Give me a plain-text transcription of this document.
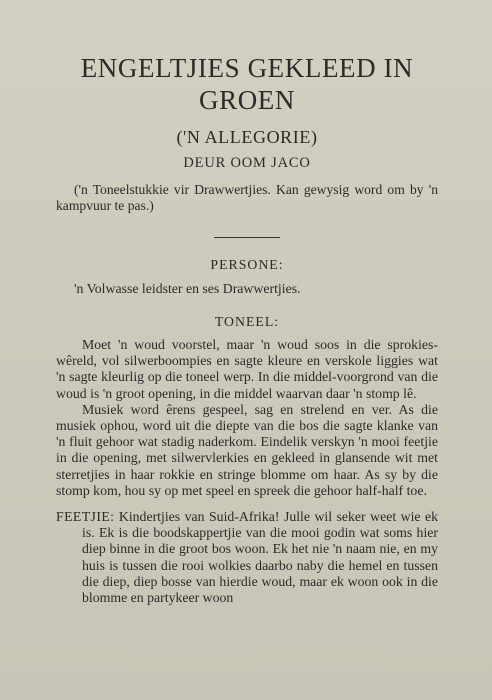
ENGELTJIES GEKLEED IN GROEN
('N ALLEGORIE)
DEUR OOM JACO

('n Toneelstukkie vir Drawwertjies. Kan gewysig word om by 'n kampvuur te pas.)

PERSONE:

'n Volwasse leidster en ses Drawwertjies.

TONEEL:

Moet 'n woud voorstel, maar 'n woud soos in die sprokies-wêreld, vol silwerboompies en sagte kleure en verskole liggies wat 'n sagte kleurlig op die toneel werp. In die middel-voorgrond van die woud is 'n groot opening, in die middel waarvan daar 'n stomp lê.

Musiek word êrens gespeel, sag en strelend en ver. As die musiek ophou, word uit die diepte van die bos die sagte klanke van 'n fluit gehoor wat stadig naderkom. Eindelik verskyn 'n mooi feetjie in die opening, met silwervlerkies en gekleed in glansende wit met sterretjies in haar rokkie en stringe blomme om haar. As sy by die stomp kom, hou sy op met speel en spreek die gehoor half-half toe.

FEETJIE: Kindertjies van Suid-Afrika! Julle wil seker weet wie ek is. Ek is die boodskappertjie van die mooi godin wat soms hier diep binne in die groot bos woon. Ek het nie 'n naam nie, en my huis is tussen die rooi wolkies daarbo naby die hemel en tussen die diep, diep bosse van hierdie woud, maar ek woon ook in die blomme en partykeer woon
